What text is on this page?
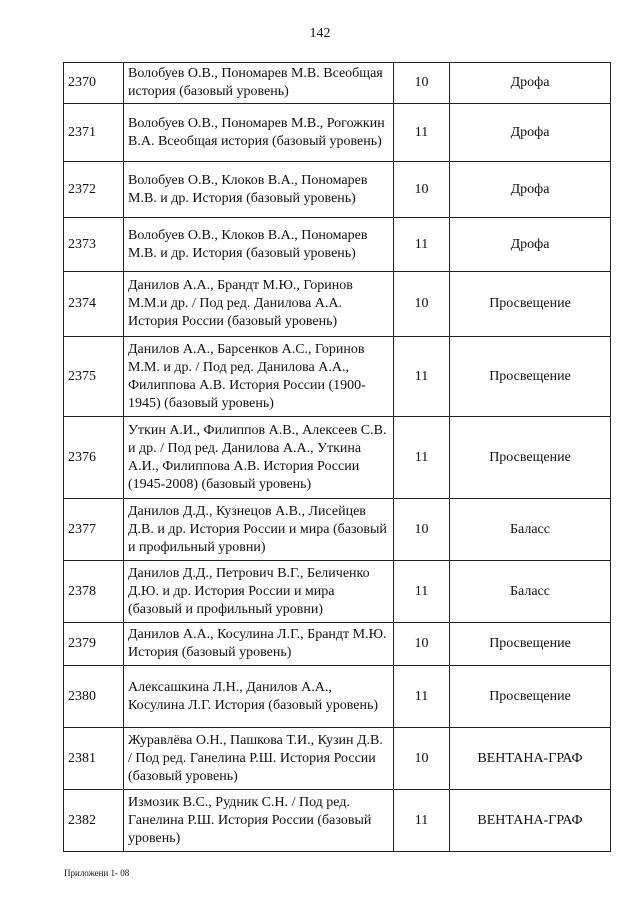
142
2370	Волобуев О.В., Пономарев М.В. Всеобщая история (базовый уровень)	10	Дрофа
2371	Волобуев О.В., Пономарев М.В., Рогожкин В.А. Всеобщая история (базовый уровень)	11	Дрофа
2372	Волобуев О.В., Клоков В.А., Пономарев М.В. и др. История (базовый уровень)	10	Дрофа
2373	Волобуев О.В., Клоков В.А., Пономарев М.В. и др. История (базовый уровень)	11	Дрофа
2374	Данилов А.А., Брандт М.Ю., Горинов М.М.и др. / Под ред. Данилова А.А. История России (базовый уровень)	10	Просвещение
2375	Данилов А.А., Барсенков А.С., Горинов М.М. и др. / Под ред. Данилова А.А., Филиппова А.В. История России (1900-1945) (базовый уровень)	11	Просвещение
2376	Уткин А.И., Филиппов А.В., Алексеев С.В. и др. / Под ред. Данилова А.А., Уткина А.И., Филиппова А.В. История России (1945-2008) (базовый уровень)	11	Просвещение
2377	Данилов Д.Д., Кузнецов А.В., Лисейцев Д.В. и др. История России и мира (базовый и профильный уровни)	10	Баласс
2378	Данилов Д.Д., Петрович В.Г., Беличенко Д.Ю. и др. История России и мира (базовый и профильный уровни)	11	Баласс
2379	Данилов А.А., Косулина Л.Г., Брандт М.Ю. История (базовый уровень)	10	Просвещение
2380	Алексашкина Л.Н., Данилов А.А., Косулина Л.Г. История (базовый уровень)	11	Просвещение
2381	Журавлёва О.Н., Пашкова Т.И., Кузин Д.В. / Под ред. Ганелина Р.Ш. История России (базовый уровень)	10	ВЕНТАНА-ГРАФ
2382	Измозик В.С., Рудник С.Н. / Под ред. Ганелина Р.Ш. История России (базовый уровень)	11	ВЕНТАНА-ГРАФ
Приложени 1- 08
